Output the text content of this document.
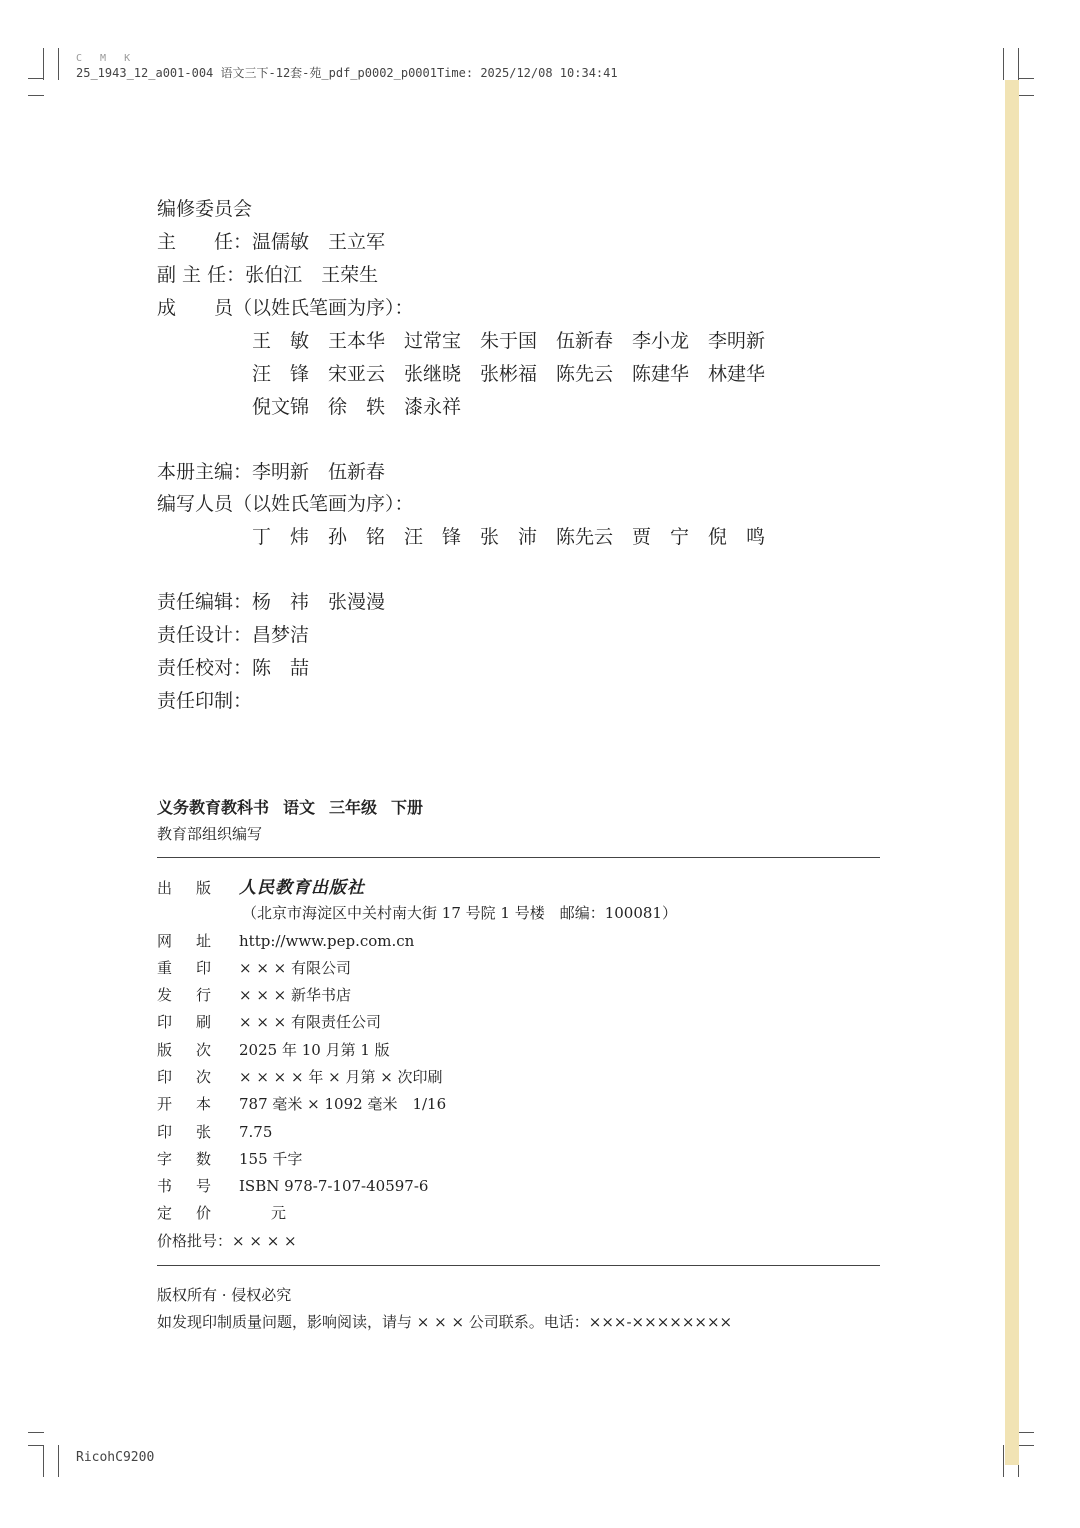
C M K
25_1943_12_a001-004 语文三下-12套-苑_pdf_p0002_p0001Time: 2025/12/08 10:34:41
RicohC9200
编修委员会
主　　任：温儒敏　王立军
副 主 任：张伯江　王荣生
成　　员（以姓氏笔画为序）：
王　敏 王本华 过常宝 朱于国 伍新春 李小龙 李明新
汪　锋 宋亚云 张继晓 张彬福 陈先云 陈建华 林建华
倪文锦 徐　轶 漆永祥
本册主编：李明新　伍新春
编写人员（以姓氏笔画为序）：
丁　炜 孙　铭 汪　锋 张　沛 陈先云 贾　宁 倪　鸣
责任编辑：杨　祎　张漫漫
责任设计：昌梦洁
责任校对：陈　喆
责任印制：
义务教育教科书 语文 三年级 下册
教育部组织编写
出版 人民教育出版社
（北京市海淀区中关村南大街 17 号院 1 号楼　邮编：100081）
网址 http://www.pep.com.cn
重印 × × × 有限公司
发行 × × × 新华书店
印刷 × × × 有限责任公司
版次 2025 年 10 月第 1 版
印次 × × × × 年 × 月第 × 次印刷
开本 787 毫米 × 1092 毫米　1/16
印张 7.75
字数 155 千字
书号 ISBN 978-7-107-40597-6
定价 元
价格批号：× × × ×
版权所有 · 侵权必究
如发现印制质量问题，影响阅读，请与 × × × 公司联系。电话：×××-××××××××
